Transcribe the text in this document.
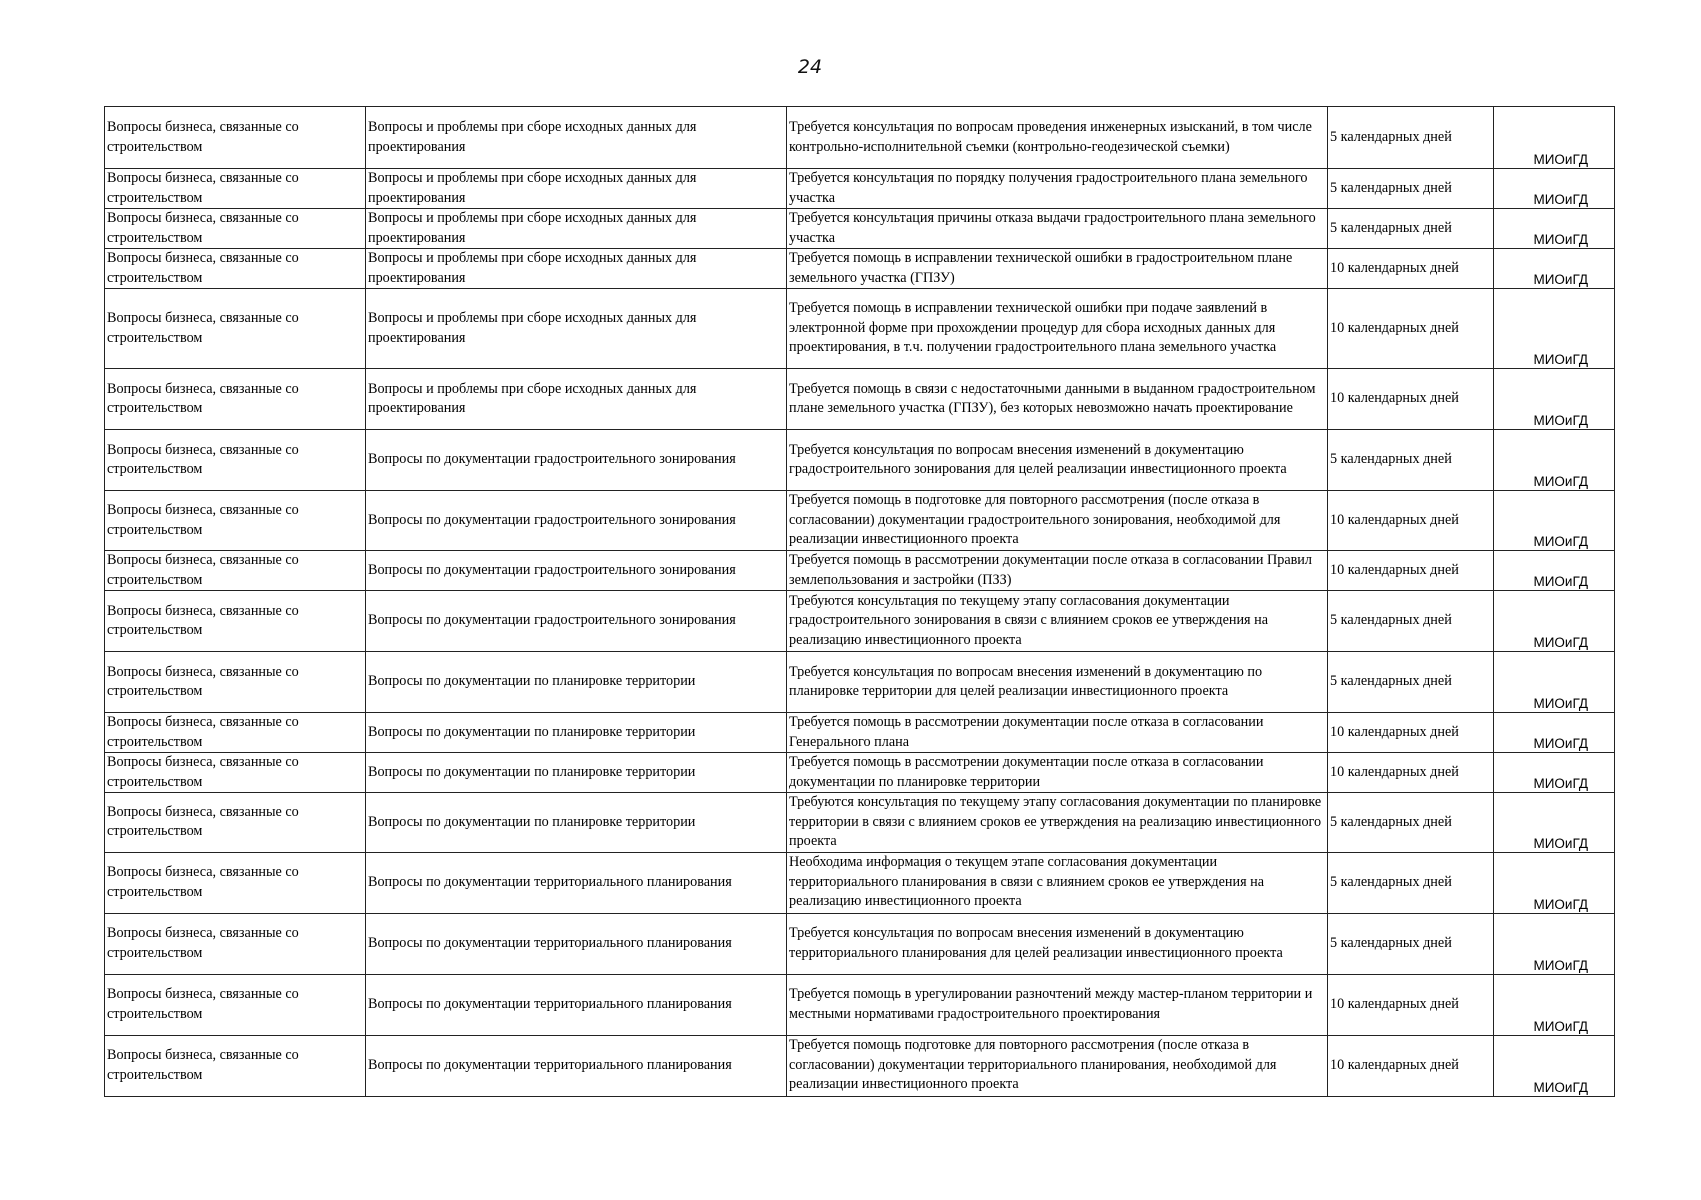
24
Вопросы бизнеса, связанные со строительством	Вопросы и проблемы при сборе исходных данных для проектирования	Требуется консультация по вопросам проведения инженерных изысканий, в том числе контрольно-исполнительной съемки (контрольно-геодезической съемки)	5 календарных дней	МИОиГД
Вопросы бизнеса, связанные со строительством	Вопросы и проблемы при сборе исходных данных для проектирования	Требуется консультация по порядку получения градостроительного плана земельного участка	5 календарных дней	МИОиГД
Вопросы бизнеса, связанные со строительством	Вопросы и проблемы при сборе исходных данных для проектирования	Требуется консультация причины отказа выдачи градостроительного плана земельного участка	5 календарных дней	МИОиГД
Вопросы бизнеса, связанные со строительством	Вопросы и проблемы при сборе исходных данных для проектирования	Требуется помощь в исправлении технической ошибки в градостроительном плане земельного участка (ГПЗУ)	10 календарных дней	МИОиГД
Вопросы бизнеса, связанные со строительством	Вопросы и проблемы при сборе исходных данных для проектирования	Требуется помощь в исправлении технической ошибки при подаче заявлений в электронной форме при прохождении процедур для сбора исходных данных для проектирования, в т.ч. получении градостроительного плана земельного участка	10 календарных дней	МИОиГД
Вопросы бизнеса, связанные со строительством	Вопросы и проблемы при сборе исходных данных для проектирования	Требуется помощь в связи с недостаточными данными в выданном градостроительном плане земельного участка (ГПЗУ), без которых невозможно начать проектирование	10 календарных дней	МИОиГД
Вопросы бизнеса, связанные со строительством	Вопросы по документации градостроительного зонирования	Требуется консультация по вопросам внесения изменений в документацию градостроительного зонирования для целей реализации инвестиционного проекта	5 календарных дней	МИОиГД
Вопросы бизнеса, связанные со строительством	Вопросы по документации градостроительного зонирования	Требуется помощь в подготовке для повторного рассмотрения (после отказа в согласовании) документации градостроительного зонирования, необходимой для реализации инвестиционного проекта	10 календарных дней	МИОиГД
Вопросы бизнеса, связанные со строительством	Вопросы по документации градостроительного зонирования	Требуется помощь в рассмотрении документации после отказа в согласовании Правил землепользования и застройки (ПЗЗ)	10 календарных дней	МИОиГД
Вопросы бизнеса, связанные со строительством	Вопросы по документации градостроительного зонирования	Требуются консультация по текущему этапу согласования документации градостроительного зонирования в связи с влиянием сроков ее утверждения на реализацию инвестиционного проекта	5 календарных дней	МИОиГД
Вопросы бизнеса, связанные со строительством	Вопросы по документации по планировке территории	Требуется консультация по вопросам внесения изменений в документацию по планировке территории для целей реализации инвестиционного проекта	5 календарных дней	МИОиГД
Вопросы бизнеса, связанные со строительством	Вопросы по документации по планировке территории	Требуется помощь в рассмотрении документации после отказа в согласовании Генерального плана	10 календарных дней	МИОиГД
Вопросы бизнеса, связанные со строительством	Вопросы по документации по планировке территории	Требуется помощь в рассмотрении документации после отказа в согласовании документации по планировке территории	10 календарных дней	МИОиГД
Вопросы бизнеса, связанные со строительством	Вопросы по документации по планировке территории	Требуются консультация по текущему этапу согласования документации по планировке территории в связи с влиянием сроков ее утверждения на реализацию инвестиционного проекта	5 календарных дней	МИОиГД
Вопросы бизнеса, связанные со строительством	Вопросы по документации территориального планирования	Необходима информация о текущем этапе согласования документации территориального планирования в связи с влиянием сроков ее утверждения на реализацию инвестиционного проекта	5 календарных дней	МИОиГД
Вопросы бизнеса, связанные со строительством	Вопросы по документации территориального планирования	Требуется консультация по вопросам внесения изменений в документацию территориального планирования для целей реализации инвестиционного проекта	5 календарных дней	МИОиГД
Вопросы бизнеса, связанные со строительством	Вопросы по документации территориального планирования	Требуется помощь в урегулировании разночтений между мастер-планом территории и местными нормативами градостроительного проектирования	10 календарных дней	МИОиГД
Вопросы бизнеса, связанные со строительством	Вопросы по документации территориального планирования	Требуется помощь подготовке для повторного рассмотрения (после отказа в согласовании) документации территориального планирования, необходимой для реализации инвестиционного проекта	10 календарных дней	МИОиГД
